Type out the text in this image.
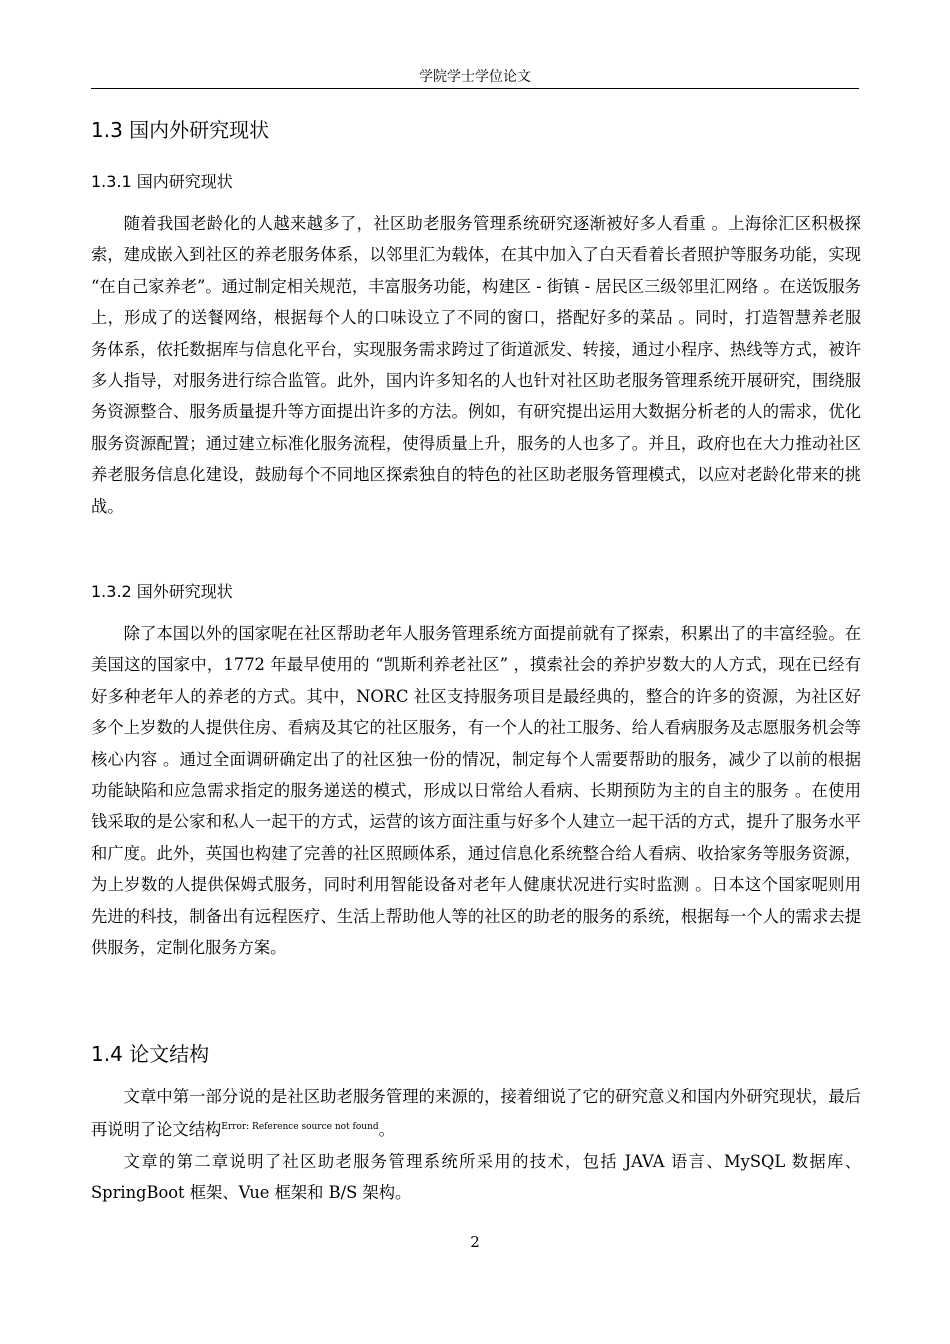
学院学士学位论文
1.3 国内外研究现状
1.3.1 国内研究现状

随着我国老龄化的人越来越多了，社区助老服务管理系统研究逐渐被好多人看重 。上海徐汇区积极探索，建成嵌入到社区的养老服务体系，以邻里汇为载体，在其中加入了白天看着长者照护等服务功能，实现 “在自己家养老”。通过制定相关规范，丰富服务功能，构建区 - 街镇 - 居民区三级邻里汇网络 。在送饭服务上，形成了的送餐网络，根据每个人的口味设立了不同的窗口，搭配好多的菜品 。同时，打造智慧养老服务体系，依托数据库与信息化平台，实现服务需求跨过了街道派发、转接，通过小程序、热线等方式，被许多人指导，对服务进行综合监管。此外，国内许多知名的人也针对社区助老服务管理系统开展研究，围绕服务资源整合、服务质量提升等方面提出许多的方法。例如，有研究提出运用大数据分析老的人的需求，优化服务资源配置；通过建立标准化服务流程，使得质量上升，服务的人也多了。并且，政府也在大力推动社区养老服务信息化建设，鼓励每个不同地区探索独自的特色的社区助老服务管理模式，以应对老龄化带来的挑战。

1.3.2 国外研究现状

除了本国以外的国家呢在社区帮助老年人服务管理系统方面提前就有了探索，积累出了的丰富经验。在美国这的国家中，1772 年最早使用的 “凯斯利养老社区” ，摸索社会的养护岁数大的人方式，现在已经有好多种老年人的养老的方式。其中，NORC 社区支持服务项目是最经典的，整合的许多的资源，为社区好多个上岁数的人提供住房、看病及其它的社区服务，有一个人的社工服务、给人看病服务及志愿服务机会等核心内容 。通过全面调研确定出了的社区独一份的情况，制定每个人需要帮助的服务，减少了以前的根据功能缺陷和应急需求指定的服务递送的模式，形成以日常给人看病、长期预防为主的自主的服务 。在使用钱采取的是公家和私人一起干的方式，运营的该方面注重与好多个人建立一起干活的方式，提升了服务水平和广度。此外，英国也构建了完善的社区照顾体系，通过信息化系统整合给人看病、收拾家务等服务资源，为上岁数的人提供保姆式服务，同时利用智能设备对老年人健康状况进行实时监测 。日本这个国家呢则用先进的科技，制备出有远程医疗、生活上帮助他人等的社区的助老的服务的系统，根据每一个人的需求去提供服务，定制化服务方案。

1.4 论文结构

文章中第一部分说的是社区助老服务管理的来源的，接着细说了它的研究意义和国内外研究现状，最后再说明了论文结构$^{Error: Reference source not found}$。

文章的第二章说明了社区助老服务管理系统所采用的技术，包括 JAVA 语言、MySQL 数据库、SpringBoot 框架、Vue 框架和 B/S 架构。

2
